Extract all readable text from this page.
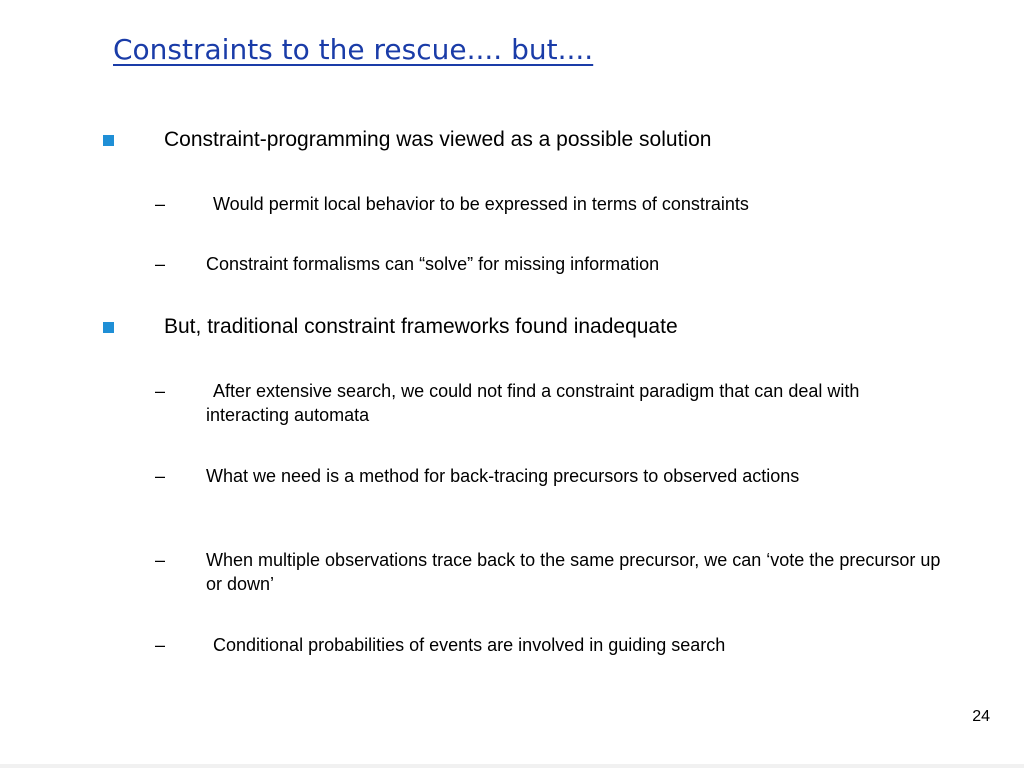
Constraints to the rescue.... but....
Constraint-programming was viewed as a possible solution
–	Would permit local behavior to be expressed in terms of constraints
– Constraint formalisms can “solve” for missing information
But, traditional constraint frameworks found inadequate
–	After extensive search, we could not find a constraint paradigm that can deal with interacting automata
– What we need is a method for back-tracing precursors to observed actions
– When multiple observations trace back to the same precursor, we can ‘vote the precursor up or down’
–	Conditional probabilities of events are involved in guiding search
24
